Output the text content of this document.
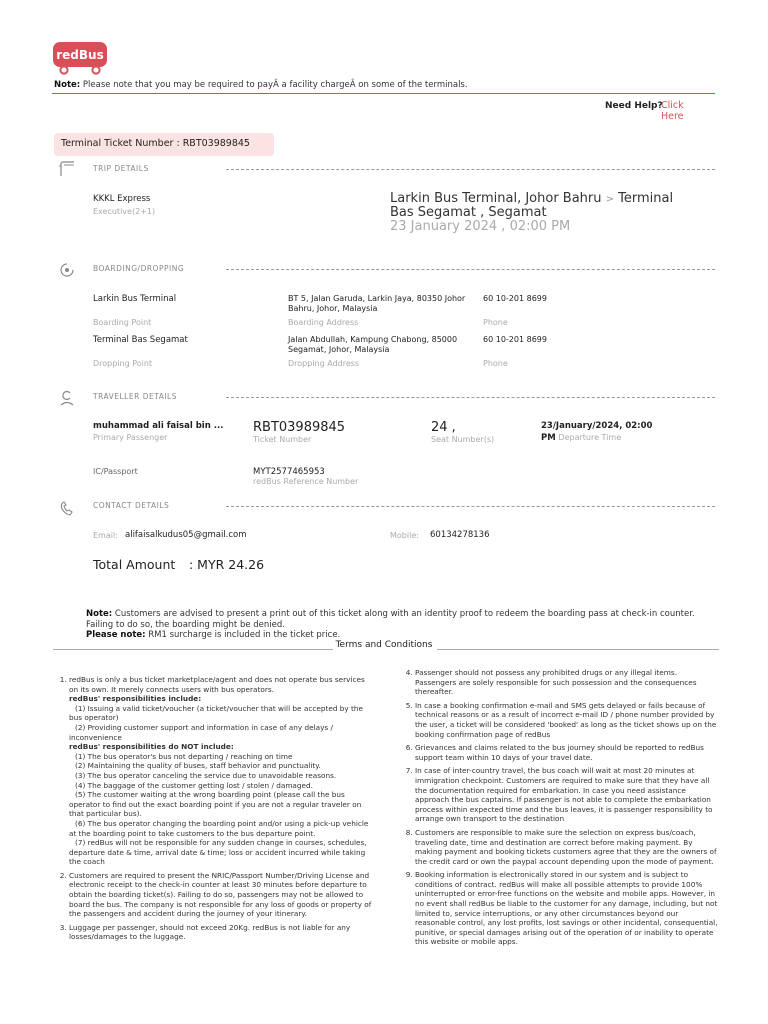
redBus
Note: Please note that you may be required to payÂ a facility chargeÂ on some of the terminals.
Need Help?
Click Here
Terminal Ticket Number : RBT03989845
TRIP DETAILS
KKKL Express
Executive(2+1)
Larkin Bus Terminal, Johor Bahru > Terminal Bas Segamat , Segamat
23 January 2024 , 02:00 PM
BOARDING/DROPPING
Larkin Bus Terminal
Boarding Point
BT 5, Jalan Garuda, Larkin Jaya, 80350 Johor Bahru, Johor, Malaysia
Boarding Address
60 10-201 8699
Phone
Terminal Bas Segamat
Dropping Point
Jalan Abdullah, Kampung Chabong, 85000 Segamat, Johor, Malaysia
Dropping Address
60 10-201 8699
Phone
TRAVELLER DETAILS
muhammad ali faisal bin ...
Primary Passenger
RBT03989845
Ticket Number
24 ,
Seat Number(s)
23/January/2024, 02:00 PM Departure Time
IC/Passport	MYT2577465953
redBus Reference Number
CONTACT DETAILS
Email: alifaisalkudus05@gmail.com	Mobile: 60134278136
Total Amount : MYR 24.26
Note: Customers are advised to present a print out of this ticket along with an identity proof to redeem the boarding pass at check-in counter. Failing to do so, the boarding might be denied.
Please note: RM1 surcharge is included in the ticket price.
Terms and Conditions
1. redBus is only a bus ticket marketplace/agent and does not operate bus services on its own. It merely connects users with bus operators.
redBus' responsibilities include:
(1) Issuing a valid ticket/voucher (a ticket/voucher that will be accepted by the bus operator)
(2) Providing customer support and information in case of any delays / inconvenience
redBus' responsibilities do NOT include:
(1) The bus operator's bus not departing / reaching on time
(2) Maintaining the quality of buses, staff behavior and punctuality.
(3) The bus operator canceling the service due to unavoidable reasons.
(4) The baggage of the customer getting lost / stolen / damaged.
(5) The customer waiting at the wrong boarding point (please call the bus operator to find out the exact boarding point if you are not a regular traveler on that particular bus).
(6) The bus operator changing the boarding point and/or using a pick-up vehicle at the boarding point to take customers to the bus departure point.
(7) redBus will not be responsible for any sudden change in courses, schedules, departure date & time, arrival date & time; loss or accident incurred while taking the coach
2. Customers are required to present the NRIC/Passport Number/Driving License and electronic receipt to the check-in counter at least 30 minutes before departure to obtain the boarding ticket(s). Failing to do so, passengers may not be allowed to board the bus. The company is not responsible for any loss of goods or property of the passengers and accident during the journey of your itinerary.
3. Luggage per passenger, should not exceed 20Kg. redBus is not liable for any losses/damages to the luggage.
4. Passenger should not possess any prohibited drugs or any illegal items. Passengers are solely responsible for such possession and the consequences thereafter.
5. In case a booking confirmation e-mail and SMS gets delayed or fails because of technical reasons or as a result of incorrect e-mail ID / phone number provided by the user, a ticket will be considered 'booked' as long as the ticket shows up on the booking confirmation page of redBus
6. Grievances and claims related to the bus journey should be reported to redBus support team within 10 days of your travel date.
7. In case of inter-country travel, the bus coach will wait at most 20 minutes at immigration checkpoint. Customers are required to make sure that they have all the documentation required for embarkation. In case you need assistance approach the bus captains. If passenger is not able to complete the embarkation process within expected time and the bus leaves, it is passenger responsibility to arrange own transport to the destination
8. Customers are responsible to make sure the selection on express bus/coach, traveling date, time and destination are correct before making payment. By making payment and booking tickets customers agree that they are the owners of the credit card or own the paypal account depending upon the mode of payment.
9. Booking information is electronically stored in our system and is subject to conditions of contract. redBus will make all possible attempts to provide 100% uninterrupted or error-free functions on the website and mobile apps. However, in no event shall redBus be liable to the customer for any damage, including, but not limited to, service interruptions, or any other circumstances beyond our reasonable control, any lost profits, lost savings or other incidental, consequential, punitive, or special damages arising out of the operation of or inability to operate this website or mobile apps.
